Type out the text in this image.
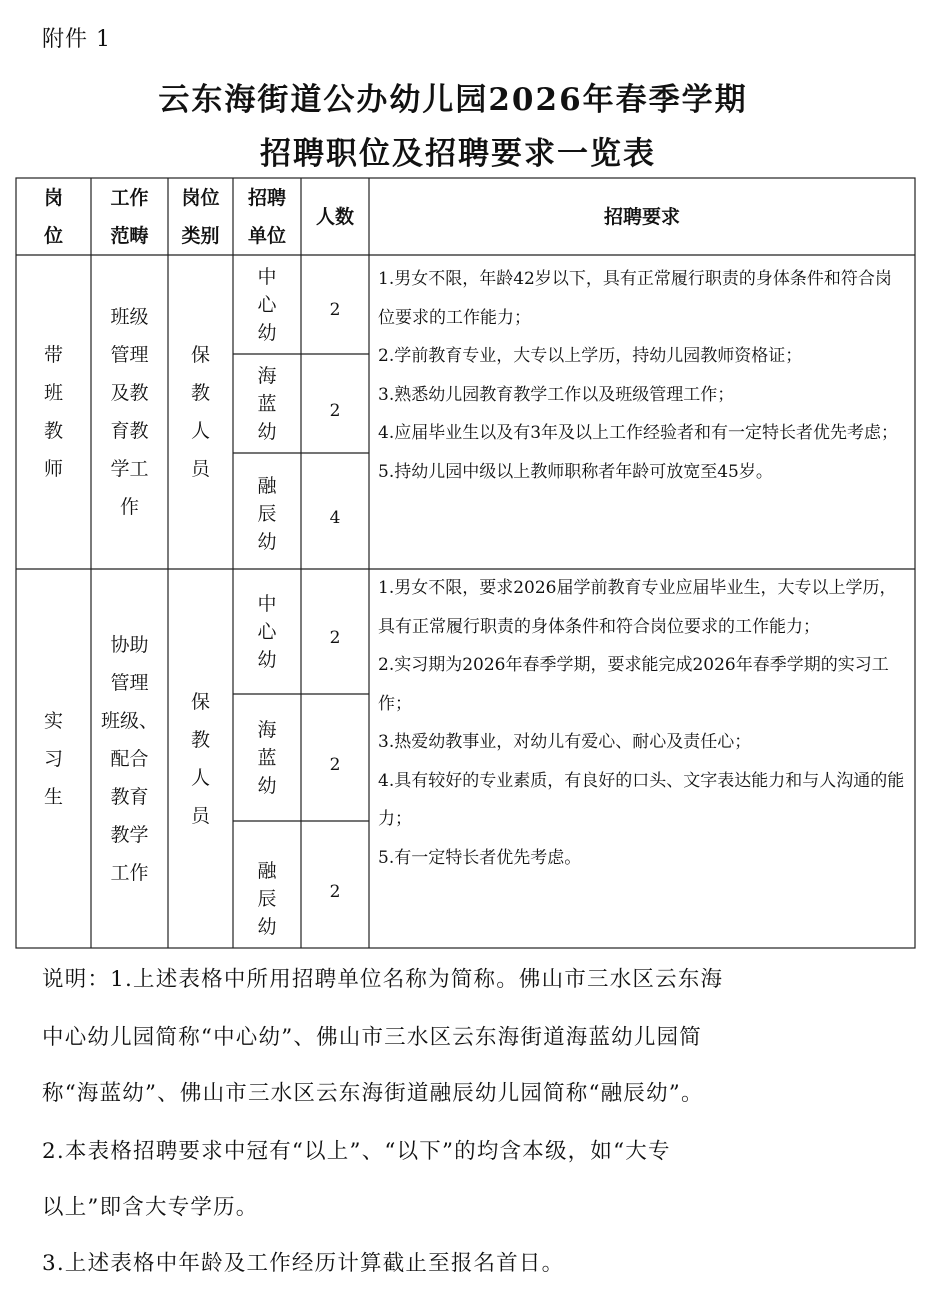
附件 1
云东海街道公办幼儿园2026年春季学期
招聘职位及招聘要求一览表
岗
位
工作
范畴
岗位
类别
招聘
单位
人数	招聘要求
带
班
教
师
班级
管理
及教
育教
学工
作
保
教
人
员
中
心
幼
2
海
蓝
幼
2
融
辰
幼
4

1.男女不限，年龄42岁以下，具有正常履行职责的身体条件和符合岗位要求的工作能力；

2.学前教育专业，大专以上学历，持幼儿园教师资格证；

3.熟悉幼儿园教育教学工作以及班级管理工作；

4.应届毕业生以及有3年及以上工作经验者和有一定特长者优先考虑；

5.持幼儿园中级以上教师职称者年龄可放宽至45岁。

实
习
生
协助
管理
班级、
配合
教育
教学
工作
保
教
人
员
中
心
幼
2
海
蓝
幼
2
融
辰
幼
2

1.男女不限，要求2026届学前教育专业应届毕业生，大专以上学历，具有正常履行职责的身体条件和符合岗位要求的工作能力；

2.实习期为2026年春季学期，要求能完成2026年春季学期的实习工作；

3.热爱幼教事业，对幼儿有爱心、耐心及责任心；

4.具有较好的专业素质，有良好的口头、文字表达能力和与人沟通的能力；

5.有一定特长者优先考虑。

说明：1.上述表格中所用招聘单位名称为简称。佛山市三水区云东海
中心幼儿园简称“中心幼”、佛山市三水区云东海街道海蓝幼儿园简
称“海蓝幼”、佛山市三水区云东海街道融辰幼儿园简称“融辰幼”。
2.本表格招聘要求中冠有“以上”、“以下”的均含本级，如“大专
以上”即含大专学历。
3.上述表格中年龄及工作经历计算截止至报名首日。
